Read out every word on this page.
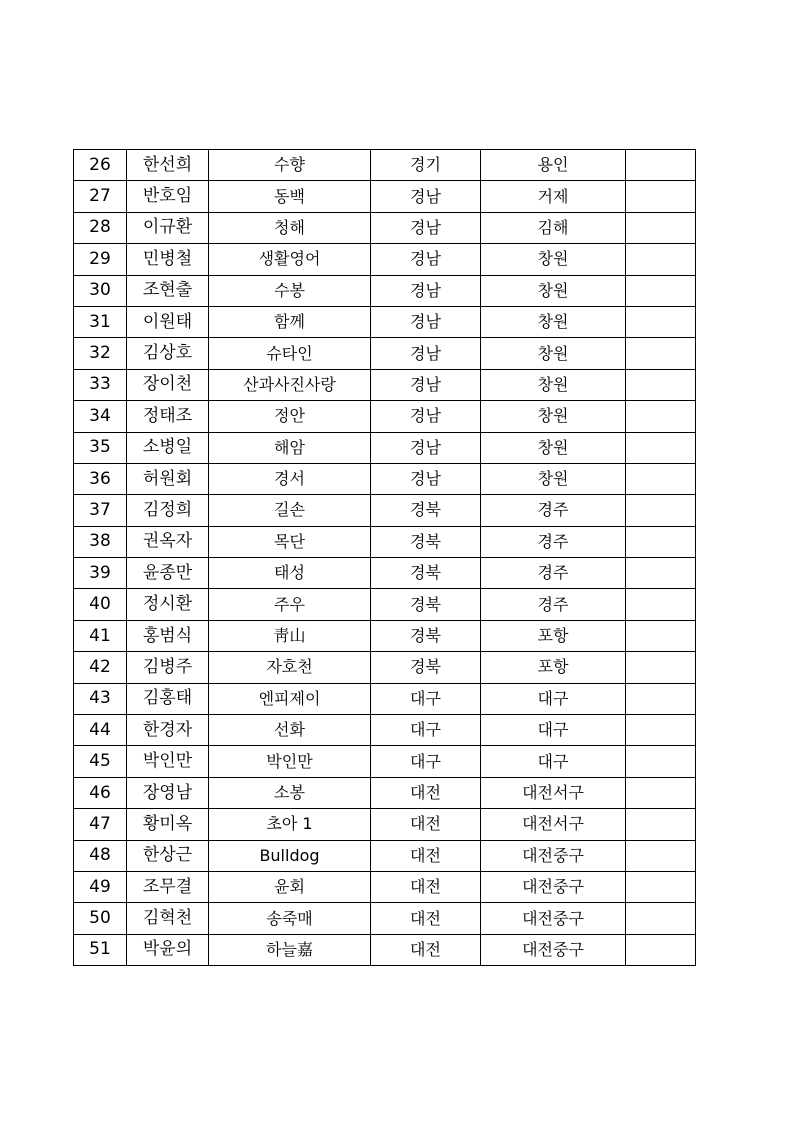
26	한선희	수향	경기	용인	
27	반호임	동백	경남	거제	
28	이규환	청해	경남	김해	
29	민병철	생활영어	경남	창원	
30	조현출	수봉	경남	창원	
31	이원태	함께	경남	창원	
32	김상호	슈타인	경남	창원	
33	장이천	산과사진사랑	경남	창원	
34	정태조	정안	경남	창원	
35	소병일	해암	경남	창원	
36	허원회	경서	경남	창원	
37	김정희	길손	경북	경주	
38	권옥자	목단	경북	경주	
39	윤종만	태성	경북	경주	
40	정시환	주우	경북	경주	
41	홍범식	靑山	경북	포항	
42	김병주	자호천	경북	포항	
43	김홍태	엔피제이	대구	대구	
44	한경자	선화	대구	대구	
45	박인만	박인만	대구	대구	
46	장영남	소봉	대전	대전서구	
47	황미옥	초아 1	대전	대전서구	
48	한상근	Bulldog	대전	대전중구	
49	조무결	윤회	대전	대전중구	
50	김혁천	송죽매	대전	대전중구	
51	박윤의	하늘嘉	대전	대전중구	
